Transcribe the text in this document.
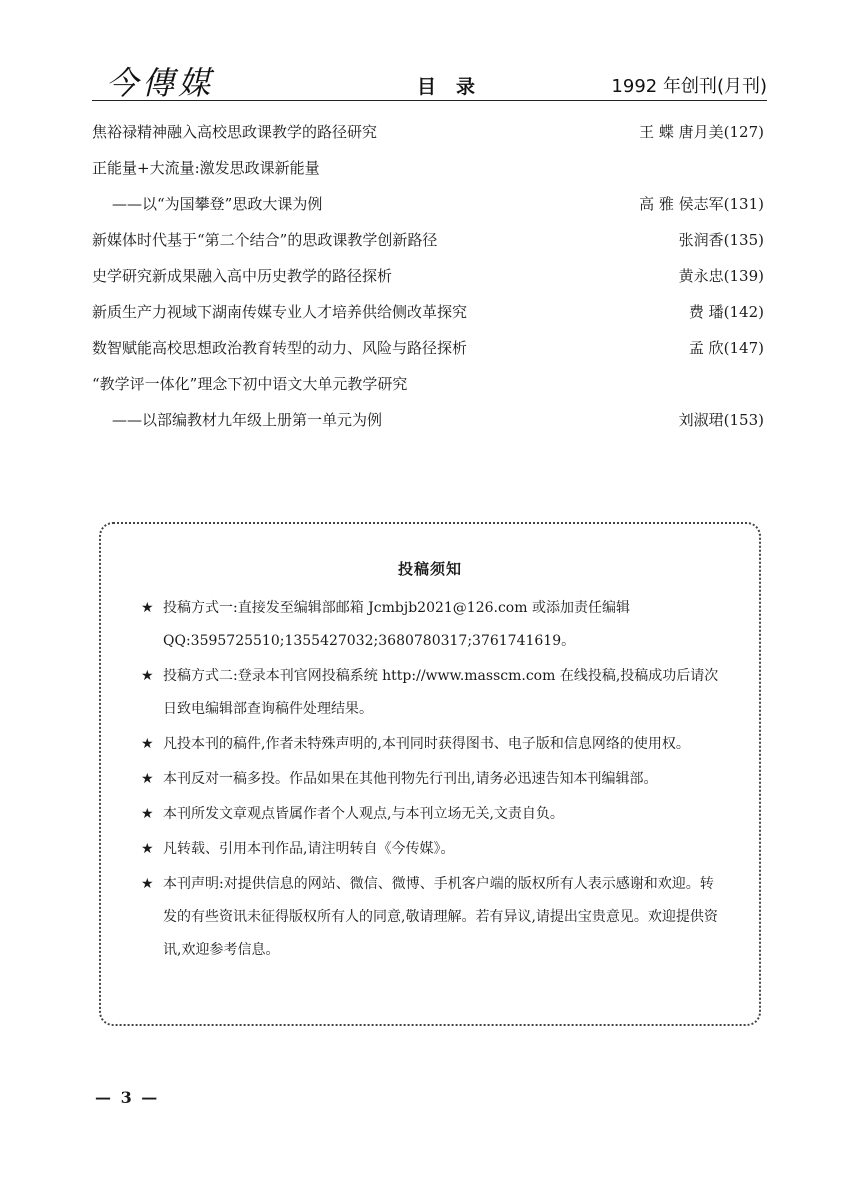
今傳媒	目录	1992 年创刊(月刊)
焦裕禄精神融入高校思政课教学的路径研究	王 蝶 唐月美(127)
正能量+大流量:激发思政课新能量
——以“为国攀登”思政大课为例	高 雅 侯志军(131)
新媒体时代基于“第二个结合”的思政课教学创新路径	张润香(135)
史学研究新成果融入高中历史教学的路径探析	黄永忠(139)
新质生产力视域下湖南传媒专业人才培养供给侧改革探究	费 璠(142)
数智赋能高校思想政治教育转型的动力、风险与路径探析	孟 欣(147)
“教学评一体化”理念下初中语文大单元教学研究
——以部编教材九年级上册第一单元为例	刘淑珺(153)
投稿须知
★ 投稿方式一:直接发至编辑部邮箱 Jcmbjb2021@126.com 或添加责任编辑 QQ:3595725510;1355427032;3680780317;3761741619。
★ 投稿方式二:登录本刊官网投稿系统 http://www.masscm.com 在线投稿,投稿成功后请次日致电编辑部查询稿件处理结果。
★ 凡投本刊的稿件,作者未特殊声明的,本刊同时获得图书、电子版和信息网络的使用权。
★ 本刊反对一稿多投。作品如果在其他刊物先行刊出,请务必迅速告知本刊编辑部。
★ 本刊所发文章观点皆属作者个人观点,与本刊立场无关,文责自负。
★ 凡转载、引用本刊作品,请注明转自《今传媒》。
★ 本刊声明:对提供信息的网站、微信、微博、手机客户端的版权所有人表示感谢和欢迎。转发的有些资讯未征得版权所有人的同意,敬请理解。若有异议,请提出宝贵意见。欢迎提供资讯,欢迎参考信息。
— 3 —
